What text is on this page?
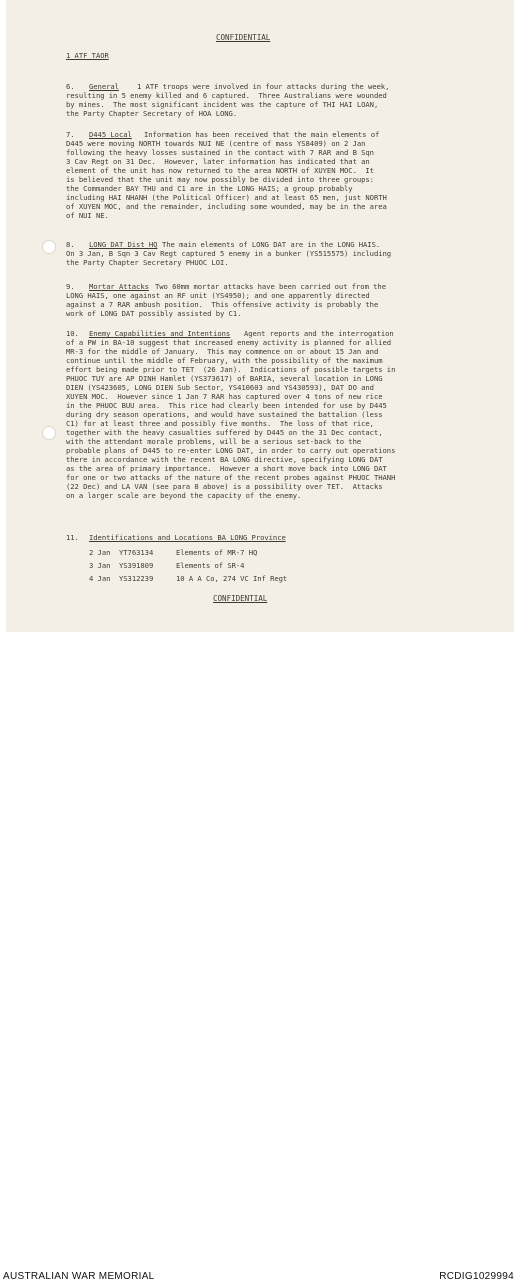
CONFIDENTIAL
1 ATF TAOR
6. General	1 ATF troops were involved in four attacks during the week,
resulting in 5 enemy killed and 6 captured.  Three Australians were wounded
by mines.  The most significant incident was the capture of THI HAI LOAN,
the Party Chapter Secretary of HOA LONG.
7. D445 Local Information has been received that the main elements of
D445 were moving NORTH towards NUI NE (centre of mass YS8409) on 2 Jan
following the heavy losses sustained in the contact with 7 RAR and B Sqn
3 Cav Regt on 31 Dec.  However, later information has indicated that an
element of the unit has now returned to the area NORTH of XUYEN MOC.  It
is believed that the unit may now possibly be divided into three groups:
the Commander BAY THU and C1 are in the LONG HAIS; a group probably
including HAI NHANH (the Political Officer) and at least 65 men, just NORTH
of XUYEN MOC, and the remainder, including some wounded, may be in the area
of NUI NE.
8. LONG DAT Dist HQ The main elements of LONG DAT are in the LONG HAIS.
On 3 Jan, B Sqn 3 Cav Regt captured 5 enemy in a bunker (YS515575) including
the Party Chapter Secretary PHUOC LOI.
9. Mortar Attacks Two 60mm mortar attacks have been carried out from the
LONG HAIS, one against an RF unit (YS4950); and one apparently directed
against a 7 RAR ambush position.  This offensive activity is probably the
work of LONG DAT possibly assisted by C1.
10. Enemy Capabilities and Intentions Agent reports and the interrogation
of a PW in BA-10 suggest that increased enemy activity is planned for allied
MR-3 for the middle of January.  This may commence on or about 15 Jan and
continue until the middle of February, with the possibility of the maximum
effort being made prior to TET  (26 Jan).  Indications of possible targets in
PHUOC TUY are AP DINH Hamlet (YS373617) of BARIA, several location in LONG
DIEN (YS423605, LONG DIEN Sub Sector, YS410603 and YS430593), DAT DO and
XUYEN MOC.  However since 1 Jan 7 RAR has captured over 4 tons of new rice
in the PHUOC BUU area.  This rice had clearly been intended for use by D445
during dry season operations, and would have sustained the battalion (less
C1) for at least three and possibly five months.  The loss of that rice,
together with the heavy casualties suffered by D445 on the 31 Dec contact,
with the attendant morale problems, will be a serious set-back to the
probable plans of D445 to re-enter LONG DAT, in order to carry out operations
there in accordance with the recent BA LONG directive, specifying LONG DAT
as the area of primary importance.  However a short move back into LONG DAT
for one or two attacks of the nature of the recent probes against PHUOC THANH
(22 Dec) and LA VAN (see para 8 above) is a possibility over TET.  Attacks
on a larger scale are beyond the capacity of the enemy.
11. Identifications and Locations BA LONG Province
2 Jan YT763134	Elements of MR-7 HQ
3 Jan YS391809	Elements of SR-4
4 Jan YS312239	10 A A Co, 274 VC Inf Regt
CONFIDENTIAL
AUSTRALIAN WAR MEMORIAL	RCDIG1029994
